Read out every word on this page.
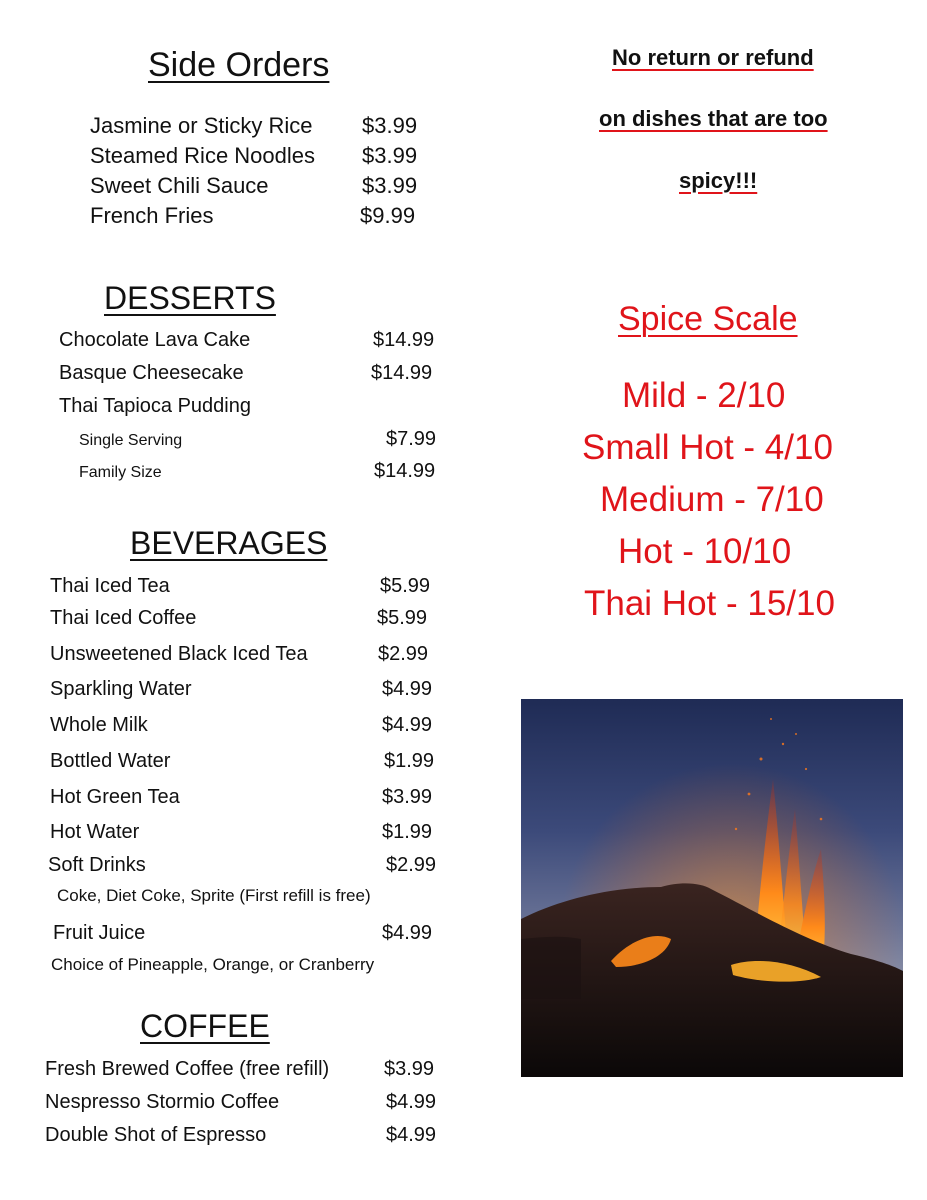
Side Orders
Jasmine or Sticky Rice $3.99
Steamed Rice Noodles $3.99
Sweet Chili Sauce	$3.99
French Fries	$9.99
DESSERTS
Chocolate Lava Cake	$14.99
Basque Cheesecake	$14.99
Thai Tapioca Pudding
Single Serving	$7.99
Family Size	$14.99
BEVERAGES
Thai Iced Tea	$5.99
Thai Iced Coffee	$5.99
Unsweetened Black Iced Tea	$2.99
Sparkling Water	$4.99
Whole Milk	$4.99
Bottled Water	$1.99
Hot Green Tea	$3.99
Hot Water	$1.99
Soft Drinks	$2.99
Coke, Diet Coke, Sprite (First refill is free)
Fruit Juice	$4.99
Choice of Pineapple, Orange, or Cranberry
COFFEE
Fresh Brewed Coffee (free refill)	$3.99
Nespresso Stormio Coffee	$4.99
Double Shot of Espresso	$4.99
No return or refund
on dishes that are too
spicy!!!
Spice Scale
Mild - 2/10
Small Hot - 4/10
Medium - 7/10
Hot - 10/10
Thai Hot - 15/10
